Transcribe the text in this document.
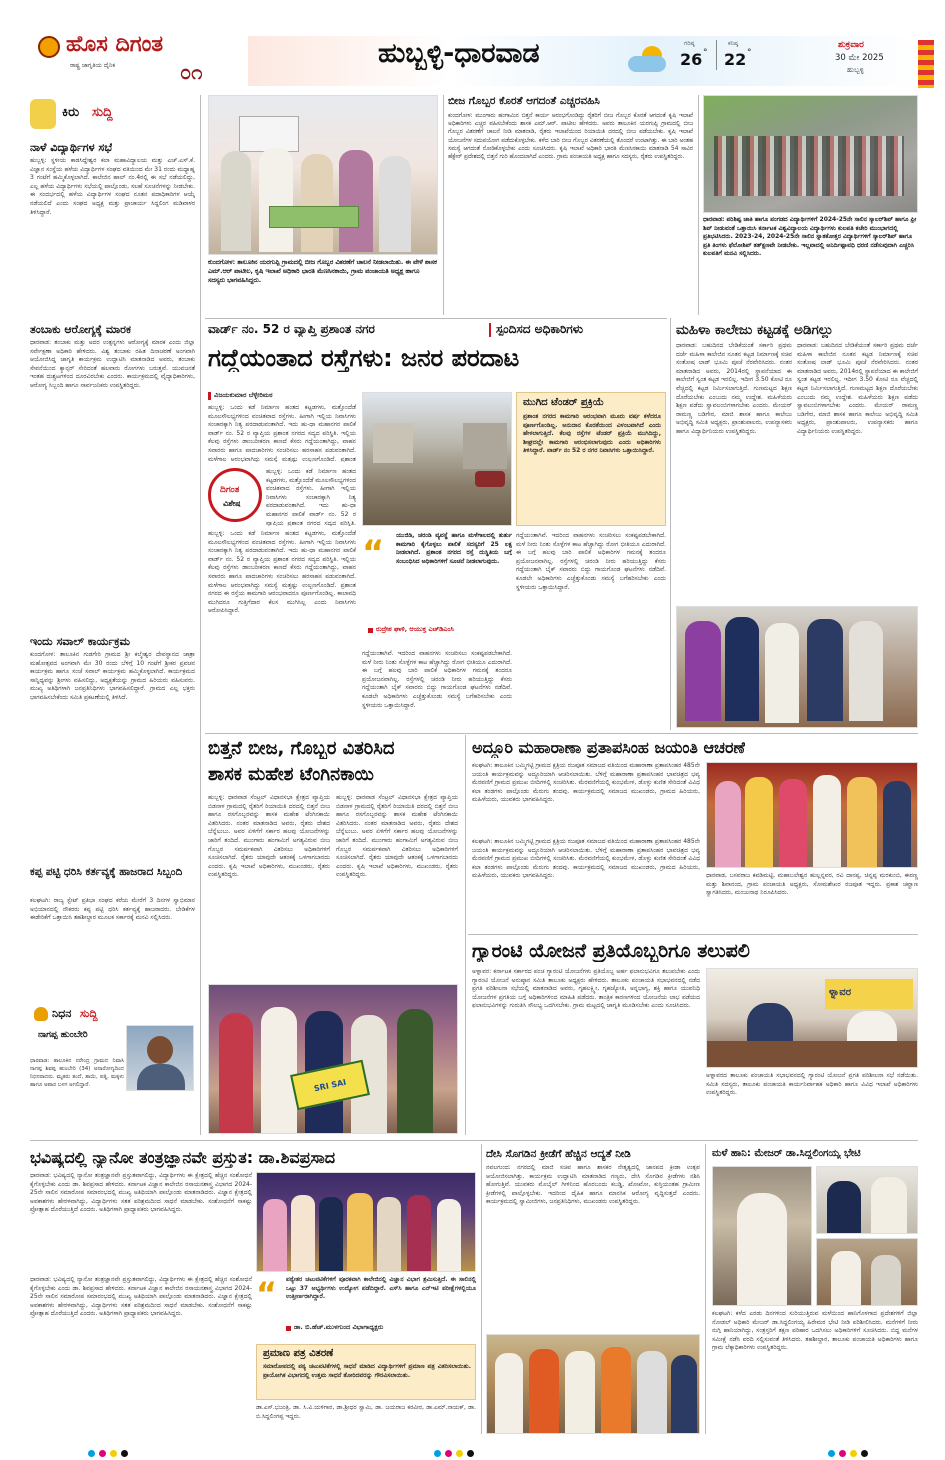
ಹೊಸ ದಿಗಂತ
ರಾಷ್ಟ್ರ ಜಾಗೃತಿಯ ದೈನಿಕ	೦೧
ಹುಬ್ಬಳ್ಳಿ-ಧಾರವಾಡ	ಗರಿಷ್ಠ
26 °
ಕನಿಷ್ಠ
22 °
ಶುಕ್ರವಾರ
30 ಮೇ 2025
ಹುಬ್ಬಳ್ಳಿ
ಕಿರು ಸುದ್ದಿ
ನಾಳೆ ವಿದ್ಯಾರ್ಥಿಗಳ ಸಭೆ
ಹುಬ್ಬಳ್ಳಿ: ಸ್ಥಳೀಯ ಕಾಡಸಿದ್ದೇಶ್ವರ ಕಲಾ ಮಹಾವಿದ್ಯಾಲಯ ಮತ್ತು ಎಚ್.ಎಸ್.ಕೆ. ವಿಜ್ಞಾನ ಸಂಸ್ಥೆಯ ಹಳೆಯ ವಿದ್ಯಾರ್ಥಿಗಳ ಸಂಘದ ವತಿಯಿಂದ ಮೇ 31 ರಂದು ಮಧ್ಯಾಹ್ನ 3 ಗಂಟೆಗೆ ಹಮ್ಮಿಕೊಳ್ಳಲಾಗಿದೆ. ಕಾಲೇಜಿನ ಹಾಲ್ ನಂ.4ರಲ್ಲಿ ಈ ಸಭೆ ನಡೆಯಲಿದ್ದು, ಎಲ್ಲ ಹಳೆಯ ವಿದ್ಯಾರ್ಥಿಗಳು ಸಭೆಯಲ್ಲಿ ಪಾಲ್ಗೊಂಡು, ಸಲಹೆ ಸೂಚನೆಗಳನ್ನು ನೀಡಬೇಕು. ಈ ಸಂದರ್ಭದಲ್ಲಿ ಹಳೆಯ ವಿದ್ಯಾರ್ಥಿಗಳ ಸಂಘದ ನೂತನ ಪದಾಧಿಕಾರಿಗಳ ಆಯ್ಕೆ ನಡೆಯಲಿದೆ ಎಂದು ಸಂಘದ ಅಧ್ಯಕ್ಷ ಮತ್ತು ಪ್ರಾಚಾರ್ಯ ಸಿದ್ದಲಿಂಗ ಮಡಿವಾಳರ ತಿಳಿಸಿದ್ದಾರೆ.
ತಂಬಾಕು ಆರೋಗ್ಯಕ್ಕೆ ಮಾರಕ
ಧಾರವಾಡ: ತಂಬಾಕು ಮತ್ತು ಅದರ ಉತ್ಪನ್ನಗಳು ಆರೋಗ್ಯಕ್ಕೆ ಮಾರಕ ಎಂದು ಜಿಲ್ಲಾ ಸರ್ವೇಕ್ಷಣಾ ಅಧಿಕಾರಿ ಹೇಳಿದರು. ವಿಶ್ವ ತಂಬಾಕು ರಹಿತ ದಿನಾಚರಣೆ ಅಂಗವಾಗಿ ಆಯೋಜಿಸಿದ್ದ ಜಾಗೃತಿ ಕಾರ್ಯಕ್ರಮ ಉದ್ಘಾಟಿಸಿ ಮಾತನಾಡಿದ ಅವರು, ತಂಬಾಕು ಸೇವನೆಯಿಂದ ಕ್ಯಾನ್ಸರ್ ಸೇರಿದಂತೆ ಹಲವಾರು ರೋಗಗಳು ಬರುತ್ತವೆ. ಯುವಜನತೆ ಇಂತಹ ದುಶ್ಚಟಗಳಿಂದ ದೂರವಿರಬೇಕು ಎಂದರು. ಕಾರ್ಯಕ್ರಮದಲ್ಲಿ ವೈದ್ಯಾಧಿಕಾರಿಗಳು, ಆರೋಗ್ಯ ಸಿಬ್ಬಂದಿ ಹಾಗೂ ಸಾರ್ವಜನಿಕರು ಉಪಸ್ಥಿತರಿದ್ದರು.
ಇಂದು ಸವಾಲ್ ಕಾರ್ಯಕ್ರಮ
ಕುಂದಗೋಳ: ತಾಲೂಕಿನ ಗುಡಗೇರಿ ಗ್ರಾಮದ ಶ್ರೀ ಕಲ್ಮೇಶ್ವರ ದೇವಸ್ಥಾನದ ಜಾತ್ರಾ ಮಹೋತ್ಸವದ ಅಂಗವಾಗಿ ಮೇ 30 ರಂದು ಬೆಳಿಗ್ಗೆ 10 ಗಂಟೆಗೆ ಶ್ರೀಕರ ಪ್ರವಚನ ಕಾರ್ಯಕ್ರಮ ಹಾಗೂ ಸಂಜೆ ಸವಾಲ್ ಕಾರ್ಯಕ್ರಮ ಹಮ್ಮಿಕೊಳ್ಳಲಾಗಿದೆ. ಕಾರ್ಯಕ್ರಮದ ಸಾನ್ನಿಧ್ಯವನ್ನು ಶ್ರೀಗಳು ವಹಿಸಲಿದ್ದು, ಅಧ್ಯಕ್ಷತೆಯನ್ನು ಗ್ರಾಮದ ಹಿರಿಯರು ವಹಿಸುವರು. ಮುಖ್ಯ ಅತಿಥಿಗಳಾಗಿ ಜನಪ್ರತಿನಿಧಿಗಳು ಭಾಗವಹಿಸಲಿದ್ದಾರೆ. ಗ್ರಾಮದ ಎಲ್ಲ ಭಕ್ತರು ಭಾಗವಹಿಸಬೇಕೆಂದು ಸಮಿತಿ ಪ್ರಕಟಣೆಯಲ್ಲಿ ತಿಳಿಸಿದೆ.
ಕಪ್ಪ ಪಟ್ಟಿ ಧರಿಸಿ ಕರ್ತವ್ಯಕ್ಕೆ ಹಾಜರಾದ ಸಿಬ್ಬಂದಿ
ಕಲಘಟಗಿ: ರಾಜ್ಯ ಸ್ಟೇಟ್ ಪ್ರತಿಭಾ ಸಂಘದ ಕರೆಯ ಮೇರೆಗೆ 3 ದಿನಗಳ ಸ್ವಾಭಿಮಾನ ಅಭಿಯಾನದಲ್ಲಿ ನೌಕರರು ಕಪ್ಪ ಪಟ್ಟಿ ಧರಿಸಿ ಕರ್ತವ್ಯಕ್ಕೆ ಹಾಜರಾದರು. ಬೇಡಿಕೆಗಳ ಈಡೇರಿಕೆಗೆ ಒತ್ತಾಯಿಸಿ ತಹಶೀಲ್ದಾರ ಮೂಲಕ ಸರ್ಕಾರಕ್ಕೆ ಮನವಿ ಸಲ್ಲಿಸಿದರು.
ನಿಧನ ಸುದ್ದಿ
ನಾಗಪ್ಪ ಹುಂಬೇರಿ
ಧಾರವಾಡ: ತಾಲೂಕಿನ ನರೇಂದ್ರ ಗ್ರಾಮದ ನಿವಾಸಿ ನಾಗಪ್ಪ ಶಿವಪ್ಪ ಹುಂಬೇರಿ (34) ಅನಾರೋಗ್ಯದಿಂದ ನಿಧನರಾದರು. ಮೃತರು ತಂದೆ, ತಾಯಿ, ಪತ್ನಿ, ಮಕ್ಕಳು ಹಾಗೂ ಅಪಾರ ಬಳಗ ಅಗಲಿದ್ದಾರೆ.
ಕುಂದಗೋಳ: ತಾಲೂಕಿನ ಯರಗುಪ್ಪಿ ಗ್ರಾಮದಲ್ಲಿ ಬೀಜ ಗೊಬ್ಬರ ವಿತರಣೆಗೆ ಚಾಲನೆ ನೀಡಲಾಯಿತು. ಈ ವೇಳೆ ಶಾಸಕ ಎಮ್.ಆರ್ ಪಾಟೀಲ, ಕೃಷಿ ಇಲಾಖೆ ಅಧಿಕಾರಿ ಭಾರತಿ ಮೆಣಸಿನಕಾಯಿ, ಗ್ರಾಮ ಪಂಚಾಯತಿ ಅಧ್ಯಕ್ಷ ಹಾಗೂ ಸದಸ್ಯರು ಭಾಗವಹಿಸಿದ್ದರು.
ಬೀಜ ಗೊಬ್ಬರ ಕೊರತೆ ಆಗದಂತೆ ಎಚ್ಚರವಹಿಸಿ
ಕುಂದಗೋಳ: ಮುಂಗಾರು ಹಂಗಾಮಿನ ಬಿತ್ತನೆ ಕಾರ್ಯ ಆರಂಭಗೊಂಡಿದ್ದು ರೈತರಿಗೆ ಬೀಜ ಗೊಬ್ಬರ ಕೊರತೆ ಆಗದಂತೆ ಕೃಷಿ ಇಲಾಖೆ ಅಧಿಕಾರಿಗಳು ಎಚ್ಚರ ವಹಿಸಬೇಕೆಂದು ಶಾಸಕ ಎಮ್.ಆರ್. ಪಾಟೀಲ ಹೇಳಿದರು. ಅವರು ತಾಲೂಕಿನ ಯರಗುಪ್ಪಿ ಗ್ರಾಮದಲ್ಲಿ ಬೀಜ ಗೊಬ್ಬರ ವಿತರಣೆಗೆ ಚಾಲನೆ ನೀಡಿ ಮಾತನಾಡಿ, ರೈತರು ಇಲಾಖೆಯಿಂದ ರಿಯಾಯಿತಿ ದರದಲ್ಲಿ ಬೀಜ ಪಡೆಯಬೇಕು. ಕೃಷಿ ಇಲಾಖೆ ಯೋಜನೆಗಳ ಸದುಪಯೋಗ ಪಡೆದುಕೊಳ್ಳಬೇಕು. ಕಳೆದ ಬಾರಿ ಬೀಜ ಗೊಬ್ಬರ ವಿತರಣೆಯಲ್ಲಿ ತೊಂದರೆ ಉಂಟಾಗಿತ್ತು. ಈ ಬಾರಿ ಅಂತಹ ಸಮಸ್ಯೆ ಆಗದಂತೆ ನೋಡಿಕೊಳ್ಳಬೇಕು ಎಂದು ಸೂಚಿಸಿದರು. ಕೃಷಿ ಇಲಾಖೆ ಅಧಿಕಾರಿ ಭಾರತಿ ಮೆಣಸಿನಕಾಯಿ ಮಾತನಾಡಿ 54 ಸಾವಿರ ಹೆಕ್ಟೇರ್ ಪ್ರದೇಶದಲ್ಲಿ ಬಿತ್ತನೆ ಗುರಿ ಹೊಂದಲಾಗಿದೆ ಎಂದರು. ಗ್ರಾಮ ಪಂಚಾಯತಿ ಅಧ್ಯಕ್ಷ ಹಾಗೂ ಸದಸ್ಯರು, ರೈತರು ಉಪಸ್ಥಿತರಿದ್ದರು.
ಧಾರವಾಡ: ಪರಿಶಿಷ್ಟ ಜಾತಿ ಹಾಗೂ ಪಂಗಡದ ವಿದ್ಯಾರ್ಥಿಗಳಿಗೆ 2024-25ನೇ ಸಾಲಿನ ಸ್ಕಾಲರ್‌ಶಿಪ್ ಹಾಗೂ ಫ್ರೀ ಶಿಪ್ ನೀಡುವಂತೆ ಒತ್ತಾಯಿಸಿ ಕರ್ನಾಟಕ ವಿಶ್ವವಿದ್ಯಾಲಯ ವಿದ್ಯಾರ್ಥಿಗಳು ಕುಲಪತಿ ಕಚೇರಿ ಮುಂಭಾಗದಲ್ಲಿ ಪ್ರತಿಭಟಿಸಿದರು. 2023-24, 2024-25ನೇ ಸಾಲಿನ ಸ್ನಾತಕೋತ್ತರ ವಿದ್ಯಾರ್ಥಿಗಳಿಗೆ ಸ್ಕಾಲರ್‌ಶಿಪ್ ಹಾಗೂ ಪ್ರತಿ ತಿಂಗಳು ಫೆಲೋಶಿಪ್ ತತ್ಕ್ಷಣವೇ ನೀಡಬೇಕು. ಇಲ್ಲವಾದಲ್ಲಿ ಅನಿರ್ದಿಷ್ಟಾವಧಿ ಧರಣಿ ನಡೆಸುವುದಾಗಿ ಎಚ್ಚರಿಸಿ ಕುಲಪತಿಗೆ ಮನವಿ ಸಲ್ಲಿಸಿದರು.
ವಾರ್ಡ್ ನಂ. 52 ರ ವ್ಯಾಪ್ತಿ ಪ್ರಶಾಂತ ನಗರ	ಸ್ಪಂದಿಸದ ಅಧಿಕಾರಿಗಳು
ಗದ್ದೆಯಂತಾದ ರಸ್ತೆಗಳು: ಜನರ ಪರದಾಟ
ವಿಜಯಕುಮಾರ ಬೆಳ್ಳೇರಿಮಠ
ಹುಬ್ಬಳ್ಳಿ: ಒಂದು ಕಡೆ ನಿರ್ಮಾಣ ಹಂತದ ಕಟ್ಟಡಗಳು, ಮತ್ತೊಂದೆಡೆ ಮೂಲಸೌಲಭ್ಯಗಳಿಂದ ವಂಚಿತವಾದ ರಸ್ತೆಗಳು. ಹೀಗಾಗಿ ಇಲ್ಲಿಯ ನಿವಾಸಿಗಳು ಸಂಚಾರಕ್ಕಾಗಿ ನಿತ್ಯ ಪರದಾಡುವಂತಾಗಿದೆ. ಇದು ಹು-ಧಾ ಮಹಾನಗರ ಪಾಲಿಕೆ ವಾರ್ಡ್ ನಂ. 52 ರ ವ್ಯಾಪ್ತಿಯ ಪ್ರಶಾಂತ ನಗರದ ಸದ್ಯದ ಪರಿಸ್ಥಿತಿ. ಇಲ್ಲಿಯ ಕೆಲವು ರಸ್ತೆಗಳು ಡಾಂಬರೀಕರಣ ಕಾಣದೆ ಕೆಸರು ಗದ್ದೆಯಂತಾಗಿದ್ದು, ವಾಹನ ಸವಾರರು ಹಾಗೂ ಪಾದಚಾರಿಗಳು ಸಂಚರಿಸಲು ಹರಸಾಹಸ ಪಡುವಂತಾಗಿದೆ. ಮಳೆಗಾಲ ಆರಂಭವಾಗಿದ್ದು ಸಮಸ್ಯೆ ಮತ್ತಷ್ಟು ಉಲ್ಬಣಗೊಂಡಿದೆ. ಪ್ರಶಾಂತ
ದಿಗಂತ
ವಿಶೇಷ
ಹುಬ್ಬಳ್ಳಿ: ಒಂದು ಕಡೆ ನಿರ್ಮಾಣ ಹಂತದ ಕಟ್ಟಡಗಳು, ಮತ್ತೊಂದೆಡೆ ಮೂಲಸೌಲಭ್ಯಗಳಿಂದ ವಂಚಿತವಾದ ರಸ್ತೆಗಳು. ಹೀಗಾಗಿ ಇಲ್ಲಿಯ ನಿವಾಸಿಗಳು ಸಂಚಾರಕ್ಕಾಗಿ ನಿತ್ಯ ಪರದಾಡುವಂತಾಗಿದೆ. ಇದು ಹು-ಧಾ ಮಹಾನಗರ ಪಾಲಿಕೆ ವಾರ್ಡ್ ನಂ. 52 ರ ವ್ಯಾಪ್ತಿಯ ಪ್ರಶಾಂತ ನಗರದ ಸದ್ಯದ ಪರಿಸ್ಥಿತಿ.
ಹುಬ್ಬಳ್ಳಿ: ಒಂದು ಕಡೆ ನಿರ್ಮಾಣ ಹಂತದ ಕಟ್ಟಡಗಳು, ಮತ್ತೊಂದೆಡೆ ಮೂಲಸೌಲಭ್ಯಗಳಿಂದ ವಂಚಿತವಾದ ರಸ್ತೆಗಳು. ಹೀಗಾಗಿ ಇಲ್ಲಿಯ ನಿವಾಸಿಗಳು ಸಂಚಾರಕ್ಕಾಗಿ ನಿತ್ಯ ಪರದಾಡುವಂತಾಗಿದೆ. ಇದು ಹು-ಧಾ ಮಹಾನಗರ ಪಾಲಿಕೆ ವಾರ್ಡ್ ನಂ. 52 ರ ವ್ಯಾಪ್ತಿಯ ಪ್ರಶಾಂತ ನಗರದ ಸದ್ಯದ ಪರಿಸ್ಥಿತಿ. ಇಲ್ಲಿಯ ಕೆಲವು ರಸ್ತೆಗಳು ಡಾಂಬರೀಕರಣ ಕಾಣದೆ ಕೆಸರು ಗದ್ದೆಯಂತಾಗಿದ್ದು, ವಾಹನ ಸವಾರರು ಹಾಗೂ ಪಾದಚಾರಿಗಳು ಸಂಚರಿಸಲು ಹರಸಾಹಸ ಪಡುವಂತಾಗಿದೆ. ಮಳೆಗಾಲ ಆರಂಭವಾಗಿದ್ದು ಸಮಸ್ಯೆ ಮತ್ತಷ್ಟು ಉಲ್ಬಣಗೊಂಡಿದೆ. ಪ್ರಶಾಂತ ನಗರದ ಈ ರಸ್ತೆಯ ಕಾಮಗಾರಿ ಆರಂಭವಾದರೂ ಪೂರ್ಣಗೊಂಡಿಲ್ಲ. ಕಾಲಾವಧಿ ಮುಗಿದರೂ ಗುತ್ತಿಗೆದಾರ ಕೆಲಸ ಮುಗಿಸಿಲ್ಲ ಎಂದು ನಿವಾಸಿಗಳು ಆರೋಪಿಸಿದ್ದಾರೆ.
ಮುಗಿದ ಟೆಂಡರ್ ಪ್ರಕ್ರಿಯೆ
ಪ್ರಶಾಂತ ನಗರದ ಕಾಮಗಾರಿ ಆರಂಭವಾಗಿ ಮೂರು ವರ್ಷ ಕಳೆದರೂ ಪೂರ್ಣಗೊಂಡಿಲ್ಲ. ಅನುದಾನ ಕೊರತೆಯಿಂದ ವಿಳಂಬವಾಗಿದೆ ಎಂದು ಹೇಳಲಾಗುತ್ತಿದೆ. ಕೆಲವು ರಸ್ತೆಗಳ ಟೆಂಡರ್ ಪ್ರಕ್ರಿಯೆ ಮುಗಿದಿದ್ದು, ಶೀಘ್ರದಲ್ಲೇ ಕಾಮಗಾರಿ ಆರಂಭಿಸಲಾಗುವುದು ಎಂದು ಅಧಿಕಾರಿಗಳು ತಿಳಿಸಿದ್ದಾರೆ. ವಾರ್ಡ್ ನಂ 52 ರ ನಗರ ನಿವಾಸಿಗಳು ಒತ್ತಾಯಿಸಿದ್ದಾರೆ.
“ ಯುಜಿಡಿ, ಚರಂಡಿ ವ್ಯವಸ್ಥೆ ಹಾಗೂ ಮಳೆಗಾಲದಲ್ಲಿ ತುರ್ತು ಕಾಮಗಾರಿ ಕೈಗೊಳ್ಳಲು ಪಾಲಿಕೆ ಸದಸ್ಯರಿಗೆ 25 ಲಕ್ಷ ನೀಡಲಾಗಿದೆ. ಪ್ರಶಾಂತ ನಗರದ ರಸ್ತೆ ದುಸ್ಥಿತಿಯ ಬಗ್ಗೆ ಸಂಬಂಧಿಸಿದ ಅಧಿಕಾರಿಗಳಿಗೆ ಸೂಚನೆ ನೀಡಲಾಗುವುದು.
ರುದ್ರೇಶ ಘಾಳಿ, ಆಯುಕ್ತ ಎಚ್‌ಡಿಎಂಸಿ
ಗದ್ದೆಯಂತಾಗಿವೆ. ಇದರಿಂದ ವಾಹನಗಳು ಸಂಚರಿಸಲು ಸಂಕಷ್ಟಪಡಬೇಕಾಗಿದೆ. ಮಳೆ ನೀರು ನಿಂತು ಸೊಳ್ಳೆಗಳ ಕಾಟ ಹೆಚ್ಚಾಗಿದ್ದು ರೋಗ ಭೀತಿಯೂ ಎದುರಾಗಿದೆ. ಈ ಬಗ್ಗೆ ಹಲವು ಬಾರಿ ಪಾಲಿಕೆ ಅಧಿಕಾರಿಗಳ ಗಮನಕ್ಕೆ ತಂದರೂ ಪ್ರಯೋಜನವಾಗಿಲ್ಲ. ರಸ್ತೆಗಳಲ್ಲಿ ಚರಂಡಿ ನೀರು ಹರಿಯುತ್ತಿದ್ದು ಕೆಸರು ಗದ್ದೆಯಂತಾಗಿ ಬೈಕ್ ಸವಾರರು ಬಿದ್ದು ಗಾಯಗೊಂಡ ಘಟನೆಗಳು ನಡೆದಿವೆ. ಕೂಡಲೇ ಅಧಿಕಾರಿಗಳು ಎಚ್ಚೆತ್ತುಕೊಂಡು ಸಮಸ್ಯೆ ಬಗೆಹರಿಸಬೇಕು ಎಂದು ಸ್ಥಳೀಯರು ಒತ್ತಾಯಿಸಿದ್ದಾರೆ.
ಗದ್ದೆಯಂತಾಗಿವೆ. ಇದರಿಂದ ವಾಹನಗಳು ಸಂಚರಿಸಲು ಸಂಕಷ್ಟಪಡಬೇಕಾಗಿದೆ. ಮಳೆ ನೀರು ನಿಂತು ಸೊಳ್ಳೆಗಳ ಕಾಟ ಹೆಚ್ಚಾಗಿದ್ದು ರೋಗ ಭೀತಿಯೂ ಎದುರಾಗಿದೆ. ಈ ಬಗ್ಗೆ ಹಲವು ಬಾರಿ ಪಾಲಿಕೆ ಅಧಿಕಾರಿಗಳ ಗಮನಕ್ಕೆ ತಂದರೂ ಪ್ರಯೋಜನವಾಗಿಲ್ಲ. ರಸ್ತೆಗಳಲ್ಲಿ ಚರಂಡಿ ನೀರು ಹರಿಯುತ್ತಿದ್ದು ಕೆಸರು ಗದ್ದೆಯಂತಾಗಿ ಬೈಕ್ ಸವಾರರು ಬಿದ್ದು ಗಾಯಗೊಂಡ ಘಟನೆಗಳು ನಡೆದಿವೆ. ಕೂಡಲೇ ಅಧಿಕಾರಿಗಳು ಎಚ್ಚೆತ್ತುಕೊಂಡು ಸಮಸ್ಯೆ ಬಗೆಹರಿಸಬೇಕು ಎಂದು ಸ್ಥಳೀಯರು ಒತ್ತಾಯಿಸಿದ್ದಾರೆ.
ಮಹಿಳಾ ಕಾಲೇಜು ಕಟ್ಟಡಕ್ಕೆ ಅಡಿಗಲ್ಲು
ಧಾರವಾಡ: ಬಹುದಿನದ ಬೇಡಿಕೆಯಂತೆ ಸರ್ಕಾರಿ ಪ್ರಥಮ ದರ್ಜೆ ಮಹಿಳಾ ಕಾಲೇಜಿನ ನೂತನ ಕಟ್ಟಡ ನಿರ್ಮಾಣಕ್ಕೆ ಸಚಿವ ಸಂತೋಷ ಲಾಡ್ ಭೂಮಿ ಪೂಜೆ ನೆರವೇರಿಸಿದರು. ನಂತರ ಮಾತನಾಡಿದ ಅವರು, 2014ರಲ್ಲಿ ಸ್ಥಾಪನೆಯಾದ ಈ ಕಾಲೇಜಿಗೆ ಸ್ವಂತ ಕಟ್ಟಡ ಇರಲಿಲ್ಲ. ಇದೀಗ 3.50 ಕೋಟಿ ರೂ ವೆಚ್ಚದಲ್ಲಿ ಕಟ್ಟಡ ನಿರ್ಮಿಸಲಾಗುತ್ತಿದೆ. ಗುಣಮಟ್ಟದ ಶಿಕ್ಷಣ ದೊರೆಯಬೇಕು ಎಂಬುದು ನಮ್ಮ ಉದ್ದೇಶ. ಮಹಿಳೆಯರು ಶಿಕ್ಷಣ ಪಡೆದು ಸ್ವಾವಲಂಬಿಗಳಾಗಬೇಕು ಎಂದರು. ಮೇಯರ್ ರಾಮಣ್ಣ ಬಡಿಗೇರ, ಮಾಜಿ ಶಾಸಕ ಹಾಗೂ ಕಾಲೇಜು ಅಭಿವೃದ್ಧಿ ಸಮಿತಿ ಅಧ್ಯಕ್ಷರು, ಪ್ರಾಂಶುಪಾಲರು, ಉಪನ್ಯಾಸಕರು ಹಾಗೂ ವಿದ್ಯಾರ್ಥಿನಿಯರು ಉಪಸ್ಥಿತರಿದ್ದರು.
ಧಾರವಾಡ: ಬಹುದಿನದ ಬೇಡಿಕೆಯಂತೆ ಸರ್ಕಾರಿ ಪ್ರಥಮ ದರ್ಜೆ ಮಹಿಳಾ ಕಾಲೇಜಿನ ನೂತನ ಕಟ್ಟಡ ನಿರ್ಮಾಣಕ್ಕೆ ಸಚಿವ ಸಂತೋಷ ಲಾಡ್ ಭೂಮಿ ಪೂಜೆ ನೆರವೇರಿಸಿದರು. ನಂತರ ಮಾತನಾಡಿದ ಅವರು, 2014ರಲ್ಲಿ ಸ್ಥಾಪನೆಯಾದ ಈ ಕಾಲೇಜಿಗೆ ಸ್ವಂತ ಕಟ್ಟಡ ಇರಲಿಲ್ಲ. ಇದೀಗ 3.50 ಕೋಟಿ ರೂ ವೆಚ್ಚದಲ್ಲಿ ಕಟ್ಟಡ ನಿರ್ಮಿಸಲಾಗುತ್ತಿದೆ. ಗುಣಮಟ್ಟದ ಶಿಕ್ಷಣ ದೊರೆಯಬೇಕು ಎಂಬುದು ನಮ್ಮ ಉದ್ದೇಶ. ಮಹಿಳೆಯರು ಶಿಕ್ಷಣ ಪಡೆದು ಸ್ವಾವಲಂಬಿಗಳಾಗಬೇಕು ಎಂದರು. ಮೇಯರ್ ರಾಮಣ್ಣ ಬಡಿಗೇರ, ಮಾಜಿ ಶಾಸಕ ಹಾಗೂ ಕಾಲೇಜು ಅಭಿವೃದ್ಧಿ ಸಮಿತಿ ಅಧ್ಯಕ್ಷರು, ಪ್ರಾಂಶುಪಾಲರು, ಉಪನ್ಯಾಸಕರು ಹಾಗೂ ವಿದ್ಯಾರ್ಥಿನಿಯರು ಉಪಸ್ಥಿತರಿದ್ದರು.
ಬಿತ್ತನೆ ಬೀಜ, ಗೊಬ್ಬರ ವಿತರಿಸಿದ
ಶಾಸಕ ಮಹೇಶ ಟೆಂಗಿನಕಾಯಿ
ಹುಬ್ಬಳ್ಳಿ: ಧಾರವಾಡ ಸೆಂಟ್ರಲ್ ವಿಧಾನಸಭಾ ಕ್ಷೇತ್ರದ ವ್ಯಾಪ್ತಿಯ ಬಿಡನಾಳ ಗ್ರಾಮದಲ್ಲಿ ರೈತರಿಗೆ ರಿಯಾಯಿತಿ ದರದಲ್ಲಿ ಬಿತ್ತನೆ ಬೀಜ ಹಾಗೂ ರಸಗೊಬ್ಬರವನ್ನು ಶಾಸಕ ಮಹೇಶ ಟೆಂಗಿನಕಾಯಿ ವಿತರಿಸಿದರು. ನಂತರ ಮಾತನಾಡಿದ ಅವರು, ರೈತರು ದೇಶದ ಬೆನ್ನೆಲುಬು. ಅವರ ಏಳಿಗೆಗೆ ಸರ್ಕಾರ ಹಲವು ಯೋಜನೆಗಳನ್ನು ಜಾರಿಗೆ ತಂದಿದೆ. ಮುಂಗಾರು ಹಂಗಾಮಿಗೆ ಅಗತ್ಯವಿರುವ ಬೀಜ ಗೊಬ್ಬರ ಸಮರ್ಪಕವಾಗಿ ವಿತರಿಸಲು ಅಧಿಕಾರಿಗಳಿಗೆ ಸೂಚಿಸಲಾಗಿದೆ. ರೈತರು ಯಾವುದೇ ಆತಂಕಕ್ಕೆ ಒಳಗಾಗಬಾರದು ಎಂದರು. ಕೃಷಿ ಇಲಾಖೆ ಅಧಿಕಾರಿಗಳು, ಮುಖಂಡರು, ರೈತರು ಉಪಸ್ಥಿತರಿದ್ದರು.
ಹುಬ್ಬಳ್ಳಿ: ಧಾರವಾಡ ಸೆಂಟ್ರಲ್ ವಿಧಾನಸಭಾ ಕ್ಷೇತ್ರದ ವ್ಯಾಪ್ತಿಯ ಬಿಡನಾಳ ಗ್ರಾಮದಲ್ಲಿ ರೈತರಿಗೆ ರಿಯಾಯಿತಿ ದರದಲ್ಲಿ ಬಿತ್ತನೆ ಬೀಜ ಹಾಗೂ ರಸಗೊಬ್ಬರವನ್ನು ಶಾಸಕ ಮಹೇಶ ಟೆಂಗಿನಕಾಯಿ ವಿತರಿಸಿದರು. ನಂತರ ಮಾತನಾಡಿದ ಅವರು, ರೈತರು ದೇಶದ ಬೆನ್ನೆಲುಬು. ಅವರ ಏಳಿಗೆಗೆ ಸರ್ಕಾರ ಹಲವು ಯೋಜನೆಗಳನ್ನು ಜಾರಿಗೆ ತಂದಿದೆ. ಮುಂಗಾರು ಹಂಗಾಮಿಗೆ ಅಗತ್ಯವಿರುವ ಬೀಜ ಗೊಬ್ಬರ ಸಮರ್ಪಕವಾಗಿ ವಿತರಿಸಲು ಅಧಿಕಾರಿಗಳಿಗೆ ಸೂಚಿಸಲಾಗಿದೆ. ರೈತರು ಯಾವುದೇ ಆತಂಕಕ್ಕೆ ಒಳಗಾಗಬಾರದು ಎಂದರು. ಕೃಷಿ ಇಲಾಖೆ ಅಧಿಕಾರಿಗಳು, ಮುಖಂಡರು, ರೈತರು ಉಪಸ್ಥಿತರಿದ್ದರು.
SRI SAI
ಅದ್ದೂರಿ ಮಹಾರಾಣಾ ಪ್ರತಾಪಸಿಂಹ ಜಯಂತಿ ಆಚರಣೆ
ಕಲಘಟಗಿ: ತಾಲೂಕಿನ ಬಮ್ಮಿಗಟ್ಟಿ ಗ್ರಾಮದ ಕ್ಷತ್ರಿಯ ರಜಪೂತ ಸಮಾಜದ ವತಿಯಿಂದ ಮಹಾರಾಣಾ ಪ್ರತಾಪಸಿಂಹರ 485ನೇ ಜಯಂತಿ ಕಾರ್ಯಕ್ರಮವನ್ನು ಅದ್ದೂರಿಯಾಗಿ ಆಚರಿಸಲಾಯಿತು. ಬೆಳಿಗ್ಗೆ ಮಹಾರಾಣಾ ಪ್ರತಾಪಸಿಂಹರ ಭಾವಚಿತ್ರದ ಭವ್ಯ ಮೆರವಣಿಗೆ ಗ್ರಾಮದ ಪ್ರಮುಖ ಬೀದಿಗಳಲ್ಲಿ ಸಂಚರಿಸಿತು. ಮೆರವಣಿಗೆಯಲ್ಲಿ ಕುಂಭಮೇಳ, ಡೊಳ್ಳು ಕುಣಿತ ಸೇರಿದಂತೆ ವಿವಿಧ ಕಲಾ ತಂಡಗಳು ಪಾಲ್ಗೊಂಡು ಮೆರುಗು ತಂದವು. ಕಾರ್ಯಕ್ರಮದಲ್ಲಿ ಸಮಾಜದ ಮುಖಂಡರು, ಗ್ರಾಮದ ಹಿರಿಯರು, ಮಹಿಳೆಯರು, ಯುವಕರು ಭಾಗವಹಿಸಿದ್ದರು.
ಕಲಘಟಗಿ: ತಾಲೂಕಿನ ಬಮ್ಮಿಗಟ್ಟಿ ಗ್ರಾಮದ ಕ್ಷತ್ರಿಯ ರಜಪೂತ ಸಮಾಜದ ವತಿಯಿಂದ ಮಹಾರಾಣಾ ಪ್ರತಾಪಸಿಂಹರ 485ನೇ ಜಯಂತಿ ಕಾರ್ಯಕ್ರಮವನ್ನು ಅದ್ದೂರಿಯಾಗಿ ಆಚರಿಸಲಾಯಿತು. ಬೆಳಿಗ್ಗೆ ಮಹಾರಾಣಾ ಪ್ರತಾಪಸಿಂಹರ ಭಾವಚಿತ್ರದ ಭವ್ಯ ಮೆರವಣಿಗೆ ಗ್ರಾಮದ ಪ್ರಮುಖ ಬೀದಿಗಳಲ್ಲಿ ಸಂಚರಿಸಿತು. ಮೆರವಣಿಗೆಯಲ್ಲಿ ಕುಂಭಮೇಳ, ಡೊಳ್ಳು ಕುಣಿತ ಸೇರಿದಂತೆ ವಿವಿಧ ಕಲಾ ತಂಡಗಳು ಪಾಲ್ಗೊಂಡು ಮೆರುಗು ತಂದವು. ಕಾರ್ಯಕ್ರಮದಲ್ಲಿ ಸಮಾಜದ ಮುಖಂಡರು, ಗ್ರಾಮದ ಹಿರಿಯರು, ಮಹಿಳೆಯರು, ಯುವಕರು ಭಾಗವಹಿಸಿದ್ದರು.	ಧಾರವಾಡ, ಬಸವರಾಜ ಕವಡಿಮಟ್ಟಿ, ಮಹಾಬಲೇಶ್ವರ ಹುಲ್ಲನ್ನವರ, ರವಿ ದಾನಪ್ಪ, ಚಿನ್ನಪ್ಪ ಮರಕುಂಬಿ, ಈರಣ್ಣ ಮತ್ತು ಶಿವಾನಂದ, ಗ್ರಾಮ ಪಂಚಾಯತಿ ಅಧ್ಯಕ್ಷರು, ಸೋಮಶೇಖರ ರಜಪೂತ ಇದ್ದರು. ಪ್ರಕಾಶ ಚವ್ಹಾಣ ಸ್ವಾಗತಿಸಿದರು, ಮಂಜುನಾಥ ನಿರೂಪಿಸಿದರು.
ಗ್ಯಾರಂಟಿ ಯೋಜನೆ ಪ್ರತಿಯೊಬ್ಬರಿಗೂ ತಲುಪಲಿ
ಅಳ್ನಾವರ: ಕರ್ನಾಟಕ ಸರ್ಕಾರದ ಪಂಚ ಗ್ಯಾರಂಟಿ ಯೋಜನೆಗಳು ಪ್ರತಿಯೊಬ್ಬ ಅರ್ಹ ಫಲಾನುಭವಿಗೂ ತಲುಪಬೇಕು ಎಂದು ಗ್ಯಾರಂಟಿ ಯೋಜನೆ ಅನುಷ್ಠಾನ ಸಮಿತಿ ತಾಲೂಕು ಅಧ್ಯಕ್ಷರು ಹೇಳಿದರು. ತಾಲೂಕು ಪಂಚಾಯತಿ ಸಭಾಭವನದಲ್ಲಿ ನಡೆದ ಪ್ರಗತಿ ಪರಿಶೀಲನಾ ಸಭೆಯಲ್ಲಿ ಮಾತನಾಡಿದ ಅವರು, ಗೃಹಲಕ್ಷ್ಮೀ, ಗೃಹಜ್ಯೋತಿ, ಅನ್ನಭಾಗ್ಯ, ಶಕ್ತಿ ಹಾಗೂ ಯುವನಿಧಿ ಯೋಜನೆಗಳ ಪ್ರಗತಿಯ ಬಗ್ಗೆ ಅಧಿಕಾರಿಗಳಿಂದ ಮಾಹಿತಿ ಪಡೆದರು. ತಾಂತ್ರಿಕ ಕಾರಣಗಳಿಂದ ಯೋಜನೆಯ ಲಾಭ ಪಡೆಯದ ಫಲಾನುಭವಿಗಳನ್ನು ಗುರುತಿಸಿ ಸೌಲಭ್ಯ ಒದಗಿಸಬೇಕು. ಗ್ರಾಮ ಮಟ್ಟದಲ್ಲಿ ಜಾಗೃತಿ ಮೂಡಿಸಬೇಕು ಎಂದು ಸೂಚಿಸಿದರು.
ಳ್ನಾವರ
ಅಳ್ನಾವರದ ತಾಲೂಕು ಪಂಚಾಯತಿ ಸಭಾಭವನದಲ್ಲಿ ಗ್ಯಾರಂಟಿ ಯೋಜನೆ ಪ್ರಗತಿ ಪರಿಶೀಲನಾ ಸಭೆ ನಡೆಯಿತು. ಸಮಿತಿ ಸದಸ್ಯರು, ತಾಲೂಕು ಪಂಚಾಯತಿ ಕಾರ್ಯನಿರ್ವಾಹಕ ಅಧಿಕಾರಿ ಹಾಗೂ ವಿವಿಧ ಇಲಾಖೆ ಅಧಿಕಾರಿಗಳು ಉಪಸ್ಥಿತರಿದ್ದರು.
ಭವಿಷ್ಯದಲ್ಲಿ ನ್ಯಾನೋ ತಂತ್ರಜ್ಞಾನವೇ ಪ್ರಸ್ತುತ: ಡಾ.ಶಿವಪ್ರಸಾದ
ಧಾರವಾಡ: ಭವಿಷ್ಯದಲ್ಲಿ ನ್ಯಾನೋ ತಂತ್ರಜ್ಞಾನವೇ ಪ್ರಸ್ತುತವಾಗಲಿದ್ದು, ವಿದ್ಯಾರ್ಥಿಗಳು ಈ ಕ್ಷೇತ್ರದಲ್ಲಿ ಹೆಚ್ಚಿನ ಸಂಶೋಧನೆ ಕೈಗೊಳ್ಳಬೇಕು ಎಂದು ಡಾ. ಶಿವಪ್ರಸಾದ ಹೇಳಿದರು. ಕರ್ನಾಟಕ ವಿಜ್ಞಾನ ಕಾಲೇಜಿನ ರಸಾಯನಶಾಸ್ತ್ರ ವಿಭಾಗದ 2024-25ನೇ ಸಾಲಿನ ಸಮಾರೋಪ ಸಮಾರಂಭದಲ್ಲಿ ಮುಖ್ಯ ಅತಿಥಿಯಾಗಿ ಪಾಲ್ಗೊಂಡು ಮಾತನಾಡಿದರು. ವಿಜ್ಞಾನ ಕ್ಷೇತ್ರದಲ್ಲಿ ಅವಕಾಶಗಳು ಹೇರಳವಾಗಿದ್ದು, ವಿದ್ಯಾರ್ಥಿಗಳು ಸತತ ಪರಿಶ್ರಮದಿಂದ ಸಾಧನೆ ಮಾಡಬೇಕು. ಸಂಶೋಧನೆಗೆ ಸಾಕಷ್ಟು ಪ್ರೋತ್ಸಾಹ ದೊರೆಯುತ್ತಿದೆ ಎಂದರು. ಅತಿಥಿಗಳಾಗಿ ಪ್ರಾಧ್ಯಾಪಕರು ಭಾಗವಹಿಸಿದ್ದರು.
ಧಾರವಾಡ: ಭವಿಷ್ಯದಲ್ಲಿ ನ್ಯಾನೋ ತಂತ್ರಜ್ಞಾನವೇ ಪ್ರಸ್ತುತವಾಗಲಿದ್ದು, ವಿದ್ಯಾರ್ಥಿಗಳು ಈ ಕ್ಷೇತ್ರದಲ್ಲಿ ಹೆಚ್ಚಿನ ಸಂಶೋಧನೆ ಕೈಗೊಳ್ಳಬೇಕು ಎಂದು ಡಾ. ಶಿವಪ್ರಸಾದ ಹೇಳಿದರು. ಕರ್ನಾಟಕ ವಿಜ್ಞಾನ ಕಾಲೇಜಿನ ರಸಾಯನಶಾಸ್ತ್ರ ವಿಭಾಗದ 2024-25ನೇ ಸಾಲಿನ ಸಮಾರೋಪ ಸಮಾರಂಭದಲ್ಲಿ ಮುಖ್ಯ ಅತಿಥಿಯಾಗಿ ಪಾಲ್ಗೊಂಡು ಮಾತನಾಡಿದರು. ವಿಜ್ಞಾನ ಕ್ಷೇತ್ರದಲ್ಲಿ ಅವಕಾಶಗಳು ಹೇರಳವಾಗಿದ್ದು, ವಿದ್ಯಾರ್ಥಿಗಳು ಸತತ ಪರಿಶ್ರಮದಿಂದ ಸಾಧನೆ ಮಾಡಬೇಕು. ಸಂಶೋಧನೆಗೆ ಸಾಕಷ್ಟು ಪ್ರೋತ್ಸಾಹ ದೊರೆಯುತ್ತಿದೆ ಎಂದರು. ಅತಿಥಿಗಳಾಗಿ ಪ್ರಾಧ್ಯಾಪಕರು ಭಾಗವಹಿಸಿದ್ದರು.
“ ಪಠ್ಯೇತರ ಚಟುವಟಿಕೆಗಳಿಗೆ ಪೂರಕವಾಗಿ ಕಾಲೇಜಿನಲ್ಲಿ ವಿಜ್ಞಾನ ವಿಭಾಗ ಶ್ರಮಿಸುತ್ತಿದೆ. ಈ ಸಾಲಿನಲ್ಲಿ ಒಟ್ಟು 37 ಅಭ್ಯರ್ಥಿಗಳು ಉದ್ಯೋಗ ಪಡೆದಿದ್ದಾರೆ. ಎಸ್‌ಸಿ ಹಾಗೂ ಎನ್‌ಇಟಿ ಪರೀಕ್ಷೆಗಳಲ್ಲಿಯೂ ಉತ್ತೀರ್ಣರಾಗಿದ್ದಾರೆ.
ಡಾ. ಬಿ.ಹೆಚ್.ಮುಳಗುಂದ ವಿಭಾಗಾಧ್ಯಕ್ಷರು
ಪ್ರಮಾಣ ಪತ್ರ ವಿತರಣೆ
ಸಮಾರೋಪದಲ್ಲಿ ಪಠ್ಯ ಚಟುವಟಿಕೆಗಳಲ್ಲಿ ಸಾಧನೆ ಮಾಡಿದ ವಿದ್ಯಾರ್ಥಿಗಳಿಗೆ ಪ್ರಮಾಣ ಪತ್ರ ವಿತರಿಸಲಾಯಿತು. ಪ್ರಾಯೋಗಿಕ ವಿಭಾಗದಲ್ಲಿ ಉತ್ತಮ ಸಾಧನೆ ತೋರಿದವರನ್ನು ಗೌರವಿಸಲಾಯಿತು.
ಡಾ.ಎಸ್.ಭಜಂತ್ರಿ, ಡಾ. ಸಿ.ವಿ.ಯಳಿಗಾರ, ಡಾ.ಶ್ರೀಧರ ಸ್ವಾಮಿ, ಡಾ. ಜಯರಾಜ ಕರವೀರ, ಡಾ.ಎಮ್.ನಾಯಕ್, ಡಾ. ಬಿ.ಸಿದ್ದಲಿಂಗಪ್ಪ ಇದ್ದರು.
ದೇಸಿ ಸೊಗಡಿನ ಕ್ರೀಡೆಗೆ ಹೆಚ್ಚಿನ ಆದ್ಯತೆ ನೀಡಿ
ನವಲಗುಂದ: ನಗರದಲ್ಲಿ ಮಾಜಿ ಸಚಿವ ಹಾಗೂ ಶಾಸಕರ ನೇತೃತ್ವದಲ್ಲಿ ಜಾನಪದ ಕ್ರೀಡಾ ಉತ್ಸವ ಆಯೋಜಿಸಲಾಗಿತ್ತು. ಕಾರ್ಯಕ್ರಮ ಉದ್ಘಾಟಿಸಿ ಮಾತನಾಡಿದ ಗಣ್ಯರು, ದೇಸಿ ಸೊಗಡಿನ ಕ್ರೀಡೆಗಳು ನಶಿಸಿ ಹೋಗುತ್ತಿವೆ. ಯುವಕರು ಮೊಬೈಲ್ ಗೀಳಿನಿಂದ ಹೊರಬಂದು ಕಬಡ್ಡಿ, ಖೋಖೋ, ಕುಸ್ತಿಯಂತಹ ಗ್ರಾಮೀಣ ಕ್ರೀಡೆಗಳಲ್ಲಿ ಪಾಲ್ಗೊಳ್ಳಬೇಕು. ಇದರಿಂದ ದೈಹಿಕ ಹಾಗೂ ಮಾನಸಿಕ ಆರೋಗ್ಯ ವೃದ್ಧಿಸುತ್ತದೆ ಎಂದರು. ಕಾರ್ಯಕ್ರಮದಲ್ಲಿ ಸ್ವಾಮೀಜಿಗಳು, ಜನಪ್ರತಿನಿಧಿಗಳು, ಮುಖಂಡರು ಉಪಸ್ಥಿತರಿದ್ದರು.
ಮಳೆ ಹಾನಿ: ಮೇಜರ್ ಡಾ.ಸಿದ್ದಲಿಂಗಯ್ಯ ಭೇಟಿ
ಕಲಘಟಗಿ: ಕಳೆದ ಎರಡು ದಿನಗಳಿಂದ ಸುರಿಯುತ್ತಿರುವ ಮಳೆಯಿಂದ ಹಾನಿಗೊಳಗಾದ ಪ್ರದೇಶಗಳಿಗೆ ಜಿಲ್ಲಾ ನೋಡಲ್ ಅಧಿಕಾರಿ ಮೇಜರ್ ಡಾ.ಸಿದ್ದಲಿಂಗಯ್ಯ ಹಿರೇಮಠ ಭೇಟಿ ನೀಡಿ ಪರಿಶೀಲಿಸಿದರು. ಮನೆಗಳಿಗೆ ನೀರು ನುಗ್ಗಿ ಹಾನಿಯಾಗಿದ್ದು, ಸಂತ್ರಸ್ತರಿಗೆ ತಕ್ಷಣ ಪರಿಹಾರ ಒದಗಿಸಲು ಅಧಿಕಾರಿಗಳಿಗೆ ಸೂಚಿಸಿದರು. ಬಿದ್ದ ಮನೆಗಳ ಸಮೀಕ್ಷೆ ನಡೆಸಿ ವರದಿ ಸಲ್ಲಿಸುವಂತೆ ತಿಳಿಸಿದರು. ತಹಶೀಲ್ದಾರ, ತಾಲೂಕು ಪಂಚಾಯತಿ ಅಧಿಕಾರಿಗಳು ಹಾಗೂ ಗ್ರಾಮ ಲೆಕ್ಕಾಧಿಕಾರಿಗಳು ಉಪಸ್ಥಿತರಿದ್ದರು.
